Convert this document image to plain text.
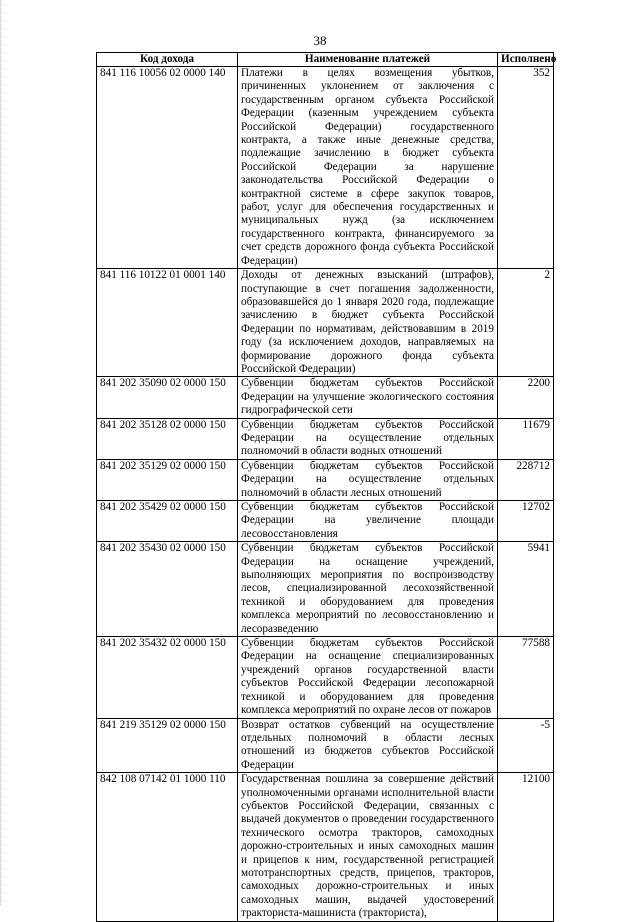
38
Код дохода	Наименование платежей	Исполнено
841 116 10056 02 0000 140	Платежи в целях возмещения убытков, причиненных уклонением от заключения с государственным органом субъекта Российской Федерации (казенным учреждением субъекта Российской Федерации) государственного контракта, а также иные денежные средства, подлежащие зачислению в бюджет субъекта Российской Федерации за нарушение законодательства Российской Федерации о контрактной системе в сфере закупок товаров, работ, услуг для обеспечения государственных и муниципальных нужд (за исключением государственного контракта, финансируемого за счет средств дорожного фонда субъекта Российской Федерации)	352
841 116 10122 01 0001 140	Доходы от денежных взысканий (штрафов), поступающие в счет погашения задолженности, образовавшейся до 1 января 2020 года, подлежащие зачислению в бюджет субъекта Российской Федерации по нормативам, действовавшим в 2019 году (за исключением доходов, направляемых на формирование дорожного фонда субъекта Российской Федерации)	2
841 202 35090 02 0000 150	Субвенции бюджетам субъектов Российской Федерации на улучшение экологического состояния гидрографической сети	2200
841 202 35128 02 0000 150	Субвенции бюджетам субъектов Российской Федерации на осуществление отдельных полномочий в области водных отношений	11679
841 202 35129 02 0000 150	Субвенции бюджетам субъектов Российской Федерации на осуществление отдельных полномочий в области лесных отношений	228712
841 202 35429 02 0000 150	Субвенции бюджетам субъектов Российской Федерации на увеличение площади лесовосстановления	12702
841 202 35430 02 0000 150	Субвенции бюджетам субъектов Российской Федерации на оснащение учреждений, выполняющих мероприятия по воспроизводству лесов, специализированной лесохозяйственной техникой и оборудованием для проведения комплекса мероприятий по лесовосстановлению и лесоразведению	5941
841 202 35432 02 0000 150	Субвенции бюджетам субъектов Российской Федерации на оснащение специализированных учреждений органов государственной власти субъектов Российской Федерации лесопожарной техникой и оборудованием для проведения комплекса мероприятий по охране лесов от пожаров	77588
841 219 35129 02 0000 150	Возврат остатков субвенций на осуществление отдельных полномочий в области лесных отношений из бюджетов субъектов Российской Федерации	-5
842 108 07142 01 1000 110	Государственная пошлина за совершение действий уполномоченными органами исполнительной власти субъектов Российской Федерации, связанных с выдачей документов о проведении государственного технического осмотра тракторов, самоходных дорожно-строительных и иных самоходных машин и прицепов к ним, государственной регистрацией мототранспортных средств, прицепов, тракторов, самоходных дорожно-строительных и иных самоходных машин, выдачей удостоверений тракториста-машиниста (тракториста),	12100
